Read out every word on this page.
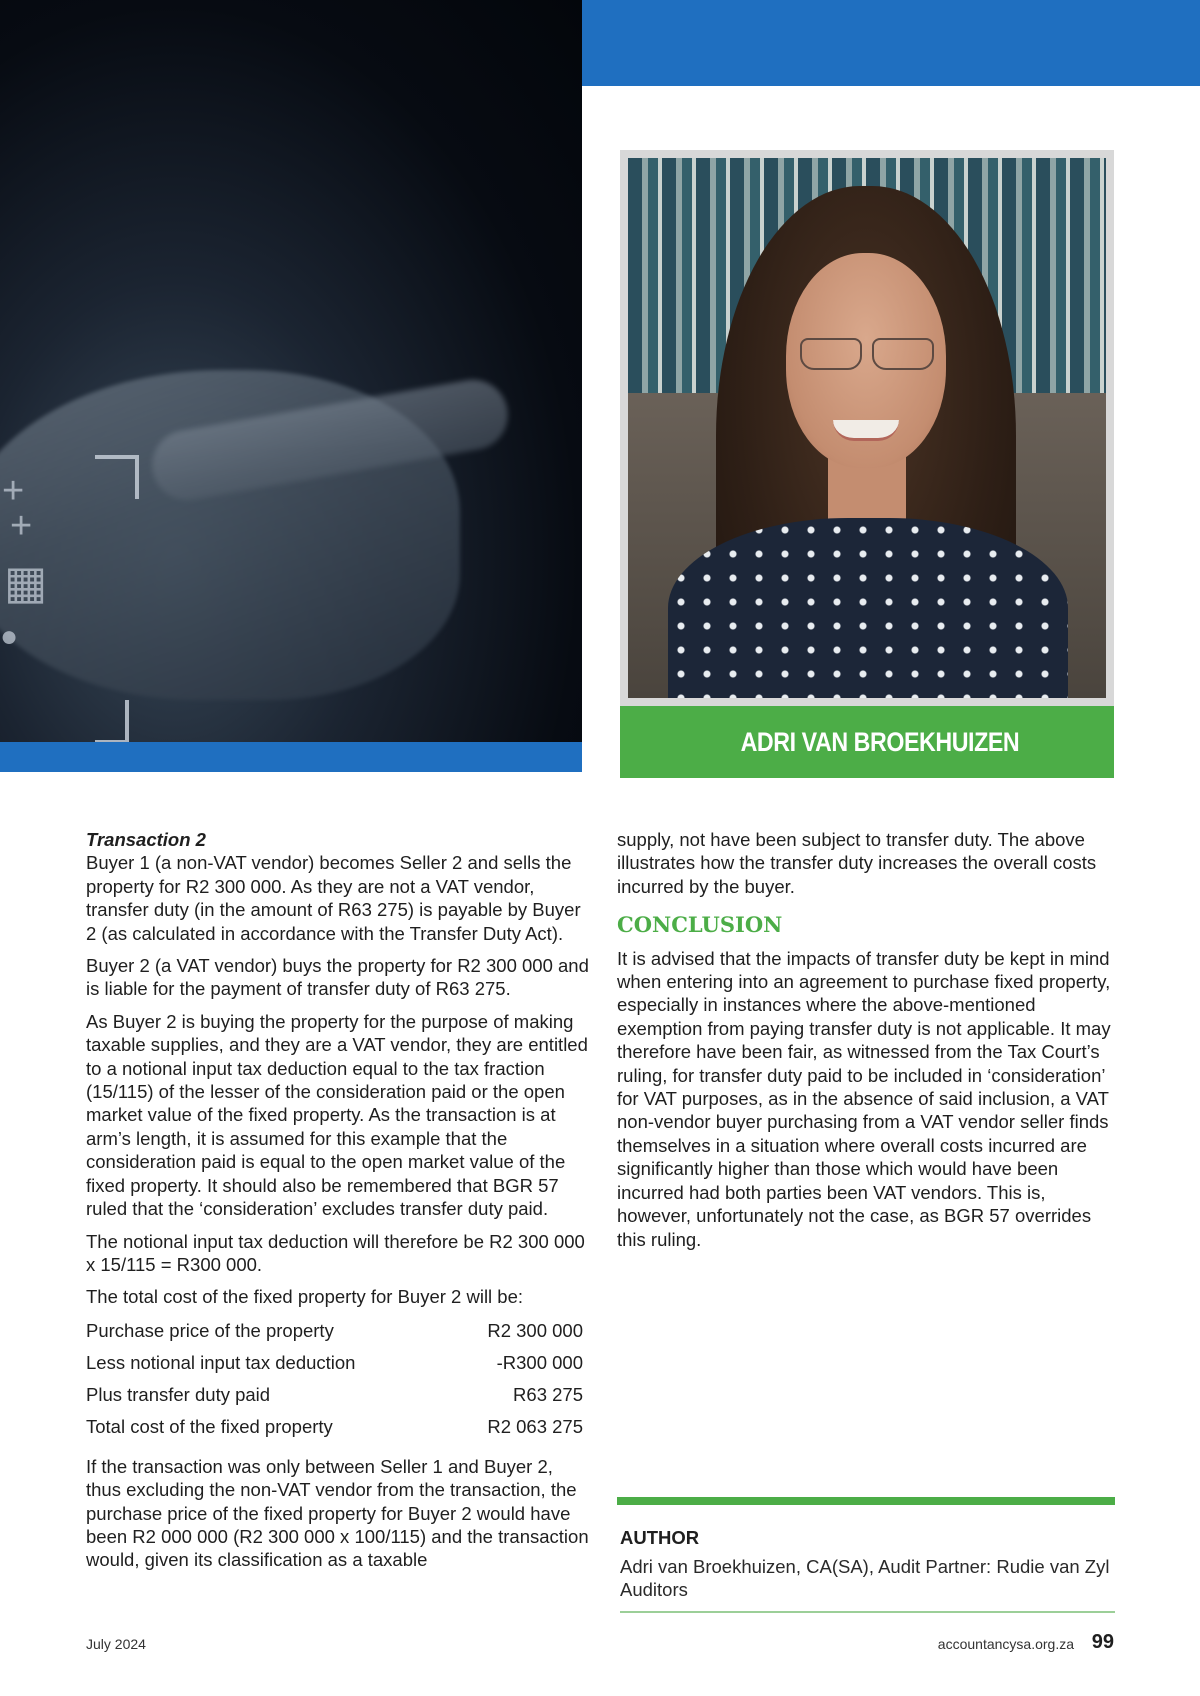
+
+
▦
●
ADRI VAN BROEKHUIZEN
Transaction 2

Buyer 1 (a non-VAT vendor) becomes Seller 2 and sells the property for R2 300 000. As they are not a VAT vendor, transfer duty (in the amount of R63 275) is payable by Buyer 2 (as calculated in accordance with the Transfer Duty Act).

Buyer 2 (a VAT vendor) buys the property for R2 300 000 and is liable for the payment of transfer duty of R63 275.

As Buyer 2 is buying the property for the purpose of making taxable supplies, and they are a VAT vendor, they are entitled to a notional input tax deduction equal to the tax fraction (15/115) of the lesser of the consideration paid or the open market value of the fixed property. As the transaction is at arm’s length, it is assumed for this example that the consideration paid is equal to the open market value of the fixed property. It should also be remembered that BGR 57 ruled that the ‘consideration’ excludes transfer duty paid.

The notional input tax deduction will therefore be R2 300 000 x 15/115 = R300 000.

The total cost of the fixed property for Buyer 2 will be:

Purchase price of the property	R2 300 000
Less notional input tax deduction	-R300 000
Plus transfer duty paid	R63 275
Total cost of the fixed property	R2 063 275

If the transaction was only between Seller 1 and Buyer 2, thus excluding the non-VAT vendor from the transaction, the purchase price of the fixed property for Buyer 2 would have been R2 000 000 (R2 300 000 x 100/115) and the transaction would, given its classification as a taxable

supply, not have been subject to transfer duty. The above illustrates how the transfer duty increases the overall costs incurred by the buyer.

CONCLUSION

It is advised that the impacts of transfer duty be kept in mind when entering into an agreement to purchase fixed property, especially in instances where the above-mentioned exemption from paying transfer duty is not applicable. It may therefore have been fair, as witnessed from the Tax Court’s ruling, for transfer duty paid to be included in ‘consideration’ for VAT purposes, as in the absence of said inclusion, a VAT non-vendor buyer purchasing from a VAT vendor seller finds themselves in a situation where overall costs incurred are significantly higher than those which would have been incurred had both parties been VAT vendors. This is, however, unfortunately not the case, as BGR 57 overrides this ruling.

AUTHOR
Adri van Broekhuizen, CA(SA), Audit Partner: Rudie van Zyl Auditors
July 2024	accountancysa.org.za 99
